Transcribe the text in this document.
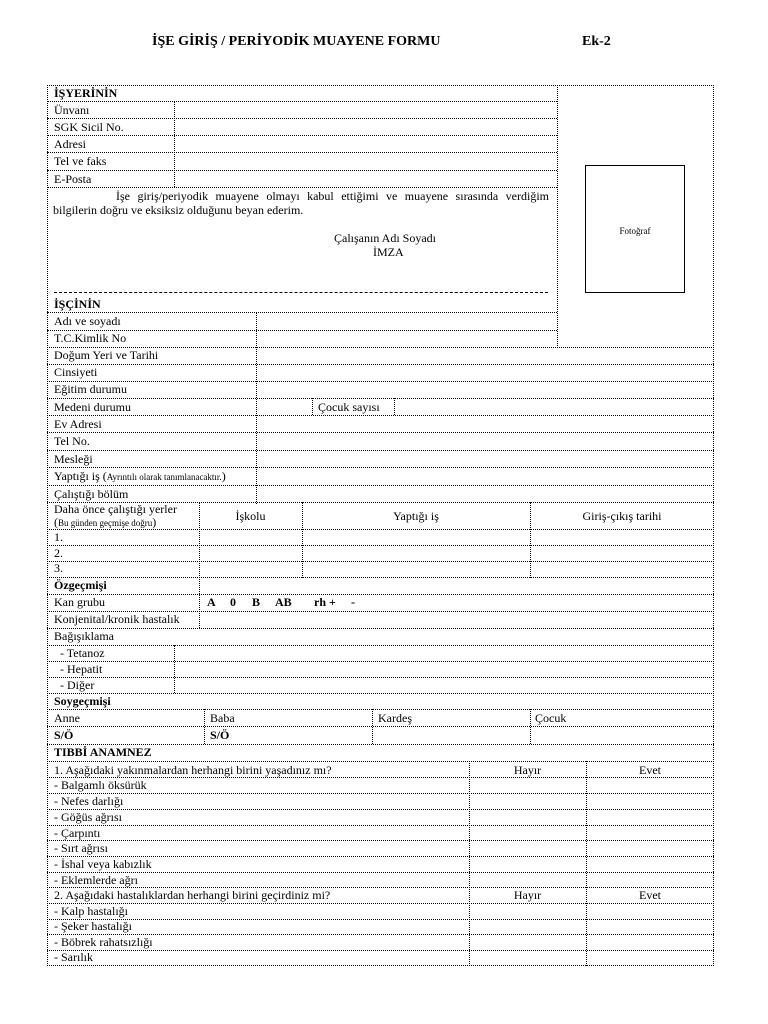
İŞE GİRİŞ / PERİYODİK MUAYENE FORMU	Ek-2
Fotoğraf
İŞYERİNİN
Ünvanı
SGK Sicil No.
Adresi
Tel ve faks
E-Posta
İşe giriş/periyodik muayene olmayı kabul ettiğimi ve muayene sırasında verdiğim bilgilerin doğru ve eksiksiz olduğunu beyan ederim.
Çalışanın Adı Soyadı
İMZA
İŞÇİNİN
Adı ve soyadı
T.C.Kimlik No
Doğum Yeri ve Tarihi
Cinsiyeti
Eğitim durumu
Medeni durumu	Çocuk sayısı
Ev Adresi
Tel No.
Mesleği
Yaptığı iş (Ayrıntılı olarak tanımlanacaktır.)
Çalıştığı bölüm
Daha önce çalıştığı yerler
(Bu günden geçmişe doğru)	İşkolu	Yaptığı iş	Giriş-çıkış tarihi
1.
2.
3.
Özgeçmişi
Kan grubu	A 0 B AB rh + -
Konjenital/kronik hastalık
Bağışıklama
- Tetanoz
- Hepatit
- Diğer
Soygeçmişi
Anne	Baba	Kardeş	Çocuk
S/Ö	S/Ö
TIBBİ ANAMNEZ
1. Aşağıdaki yakınmalardan herhangi birini yaşadınız mı?	Hayır	Evet
- Balgamlı öksürük
- Nefes darlığı
- Göğüs ağrısı
- Çarpıntı
- Sırt ağrısı
- İshal veya kabızlık
- Eklemlerde ağrı
2. Aşağıdaki hastalıklardan herhangi birini geçirdiniz mi?	Hayır	Evet
- Kalp hastalığı
- Şeker hastalığı
- Böbrek rahatsızlığı
- Sarılık
